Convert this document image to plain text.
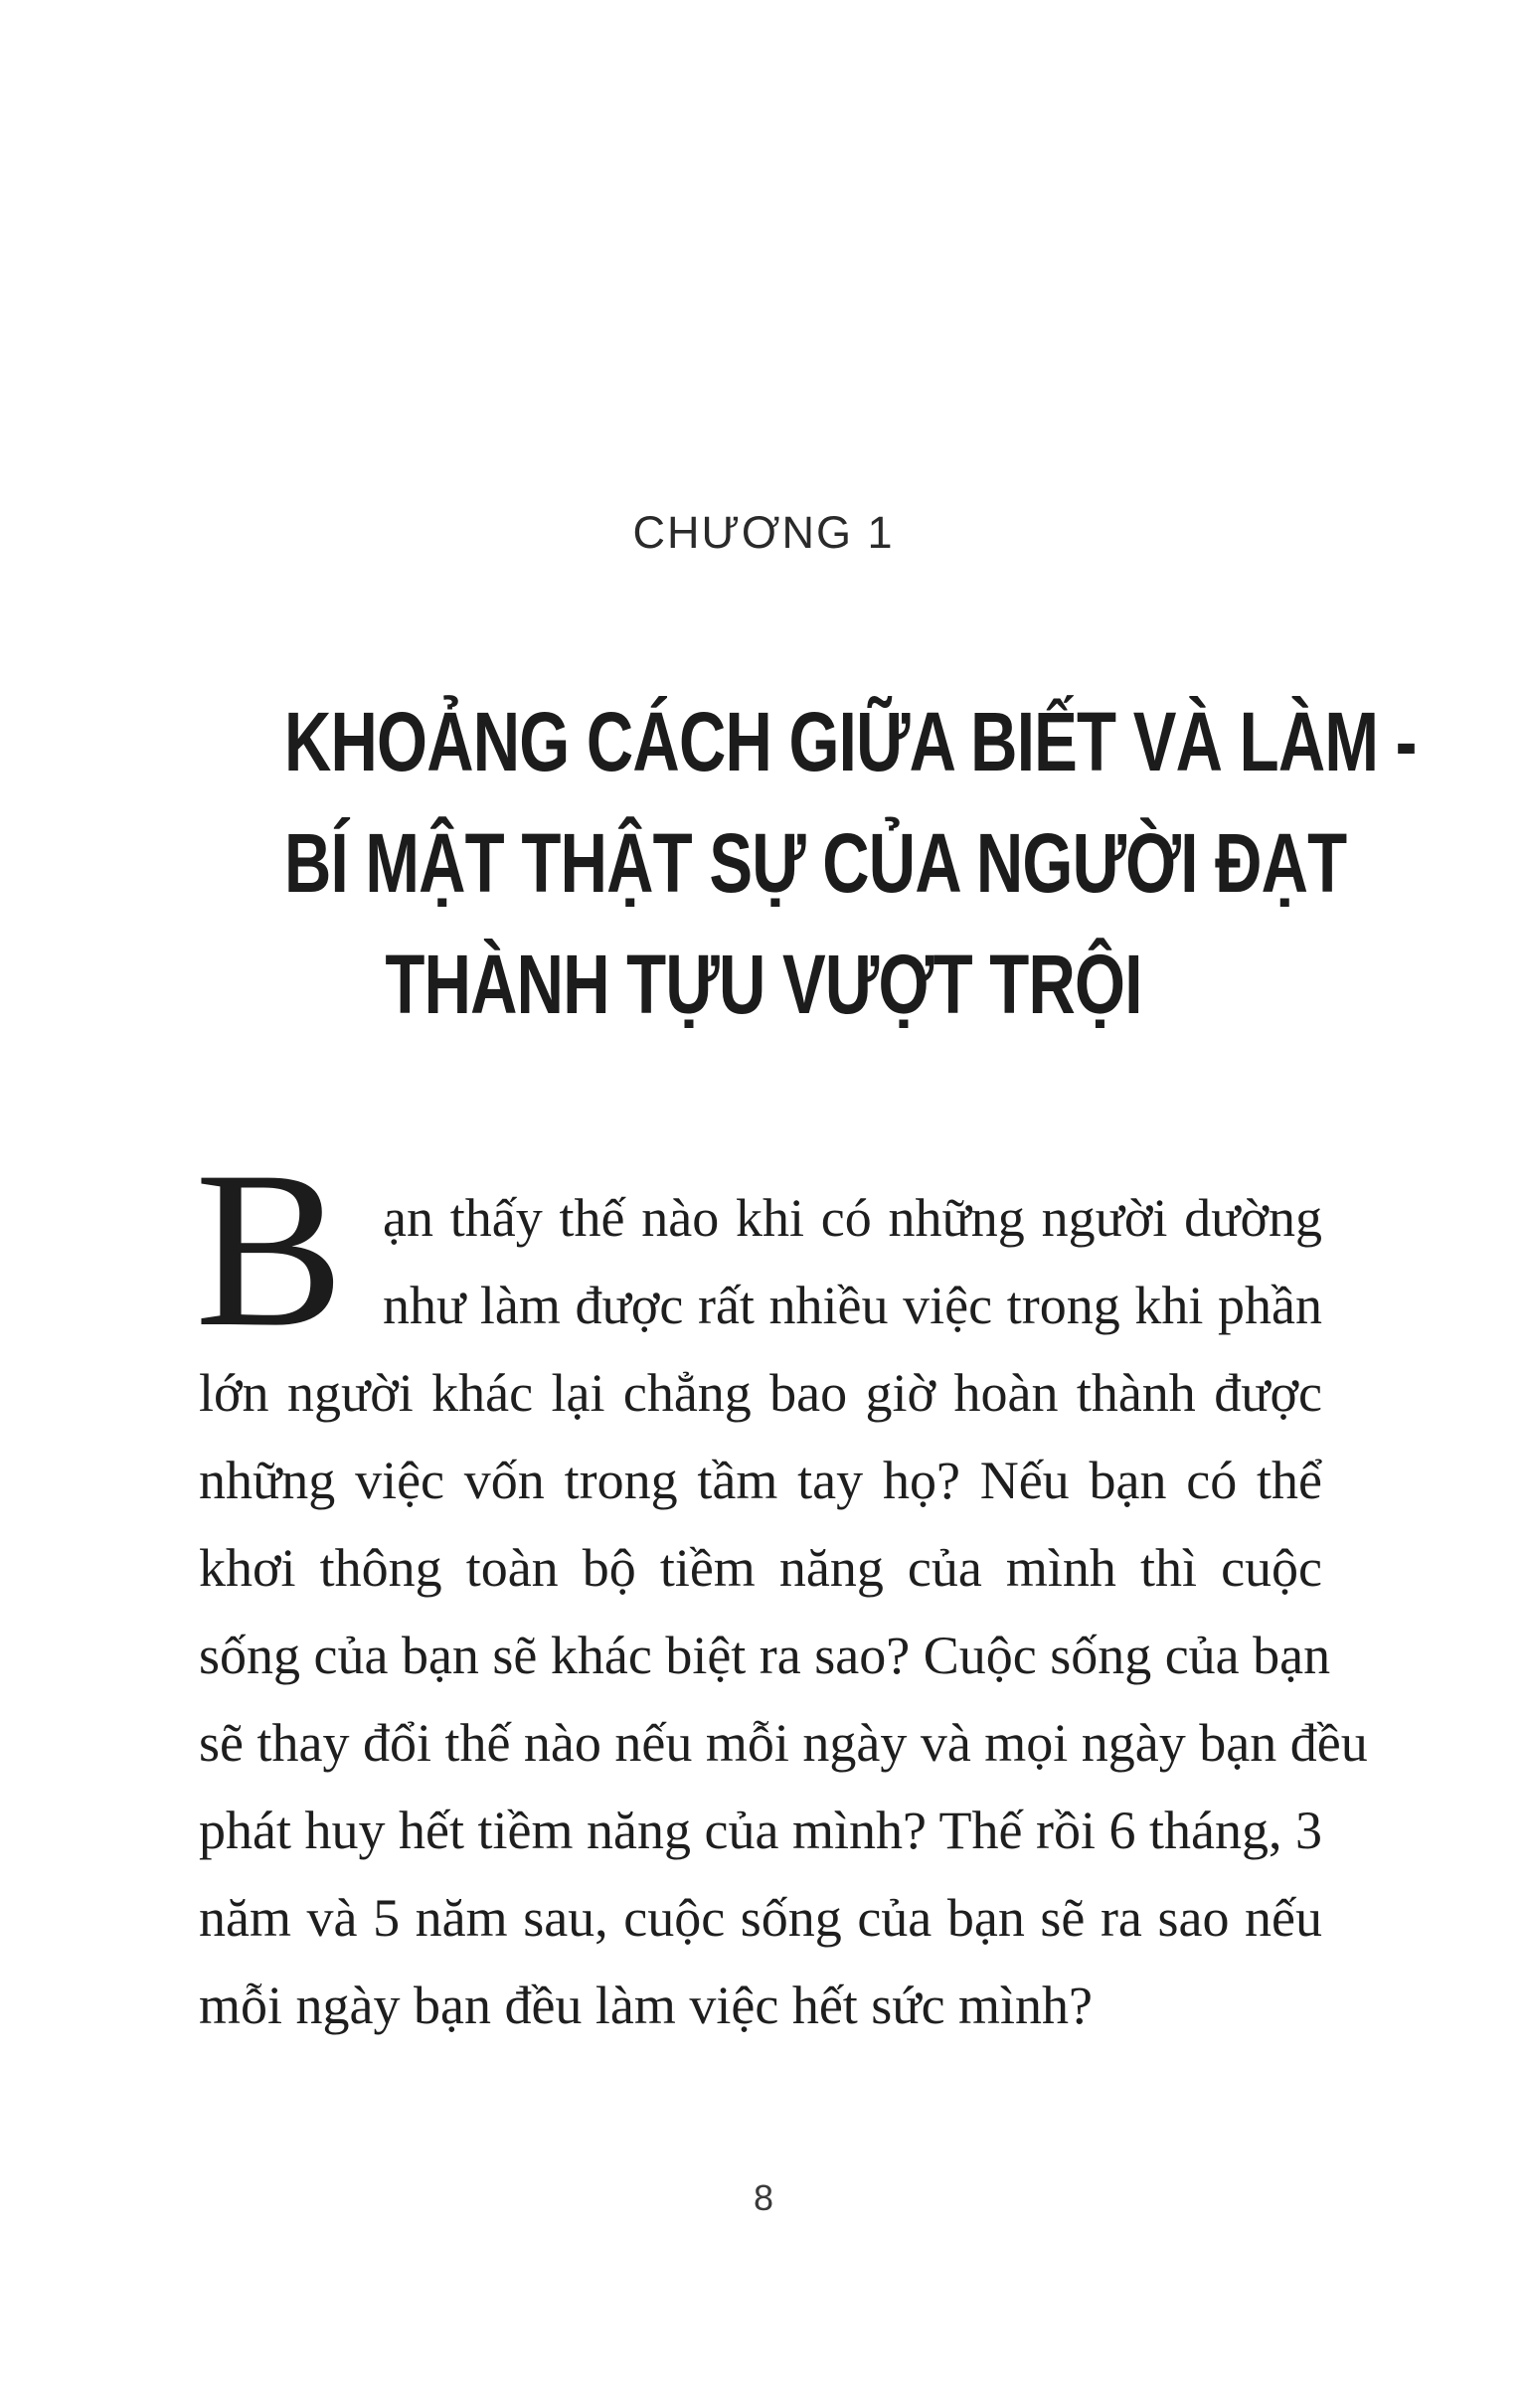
CHƯƠNG 1
KHOẢNG CÁCH GIỮA BIẾT VÀ LÀM -
BÍ MẬT THẬT SỰ CỦA NGƯỜI ĐẠT
THÀNH TỰU VƯỢT TRỘI
B ạn thấy thế nào khi có những người dường
như làm được rất nhiều việc trong khi phần
lớn người khác lại chẳng bao giờ hoàn thành được
những việc vốn trong tầm tay họ? Nếu bạn có thể
khơi thông toàn bộ tiềm năng của mình thì cuộc
sống của bạn sẽ khác biệt ra sao? Cuộc sống của bạn
sẽ thay đổi thế nào nếu mỗi ngày và mọi ngày bạn đều
phát huy hết tiềm năng của mình? Thế rồi 6 tháng, 3
năm và 5 năm sau, cuộc sống của bạn sẽ ra sao nếu
mỗi ngày bạn đều làm việc hết sức mình?
8
